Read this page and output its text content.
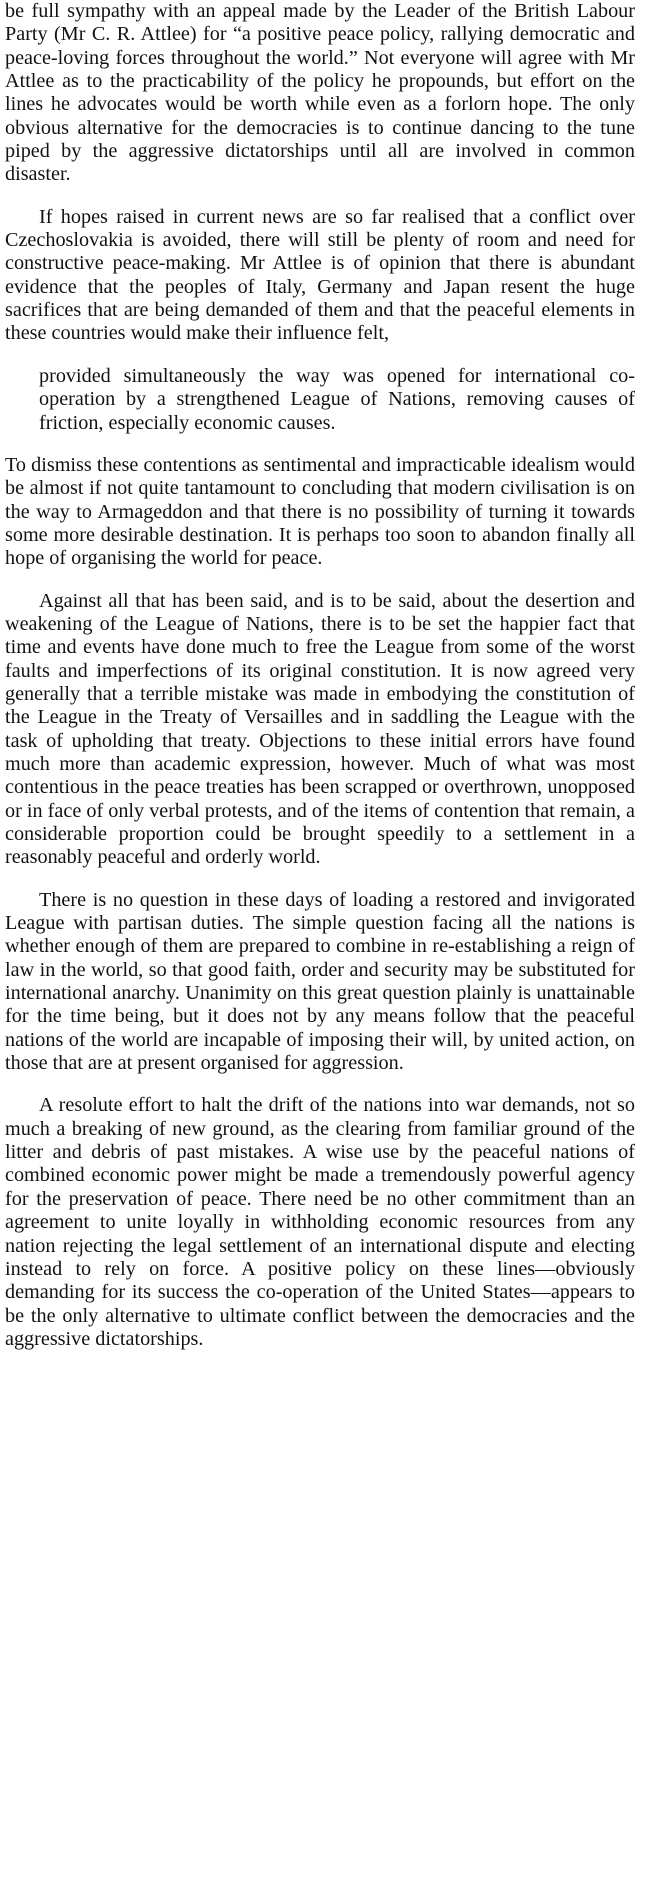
be full sympathy with an appeal made by the Leader of the British Labour Party (Mr C. R. Attlee) for “a positive peace policy, rallying democratic and peace-loving forces throughout the world.” Not everyone will agree with Mr Attlee as to the practicability of the policy he propounds, but effort on the lines he advocates would be worth while even as a forlorn hope. The only obvious alternative for the democracies is to continue dancing to the tune piped by the aggressive dictatorships until all are involved in common disaster.

If hopes raised in current news are so far realised that a conflict over Czechoslovakia is avoided, there will still be plenty of room and need for constructive peace-making. Mr Attlee is of opinion that there is abundant evidence that the peoples of Italy, Germany and Japan resent the huge sacrifices that are being demanded of them and that the peaceful elements in these countries would make their influence felt,

provided simultaneously the way was opened for international co-operation by a strengthened League of Nations, removing causes of friction, especially economic causes.

To dismiss these contentions as sentimental and impracticable idealism would be almost if not quite tantamount to concluding that modern civilisation is on the way to Armageddon and that there is no possibility of turning it towards some more desirable destination. It is perhaps too soon to abandon finally all hope of organising the world for peace.

Against all that has been said, and is to be said, about the desertion and weakening of the League of Nations, there is to be set the happier fact that time and events have done much to free the League from some of the worst faults and imperfections of its original constitution. It is now agreed very generally that a terrible mistake was made in embodying the constitution of the League in the Treaty of Versailles and in saddling the League with the task of upholding that treaty. Objections to these initial errors have found much more than academic expression, however. Much of what was most contentious in the peace treaties has been scrapped or overthrown, unopposed or in face of only verbal protests, and of the items of contention that remain, a considerable proportion could be brought speedily to a settlement in a reasonably peaceful and orderly world.

There is no question in these days of loading a restored and invigorated League with partisan duties. The simple question facing all the nations is whether enough of them are prepared to combine in re-establishing a reign of law in the world, so that good faith, order and security may be substituted for international anarchy. Unanimity on this great question plainly is unattainable for the time being, but it does not by any means follow that the peaceful nations of the world are incapable of imposing their will, by united action, on those that are at present organised for aggression.

A resolute effort to halt the drift of the nations into war demands, not so much a breaking of new ground, as the clearing from familiar ground of the litter and debris of past mistakes. A wise use by the peaceful nations of combined economic power might be made a tremendously powerful agency for the preservation of peace. There need be no other commitment than an agreement to unite loyally in withholding economic resources from any nation rejecting the legal settlement of an international dispute and electing instead to rely on force. A positive policy on these lines—obviously demanding for its success the co-operation of the United States—appears to be the only alternative to ultimate conflict between the democracies and the aggressive dictatorships.
